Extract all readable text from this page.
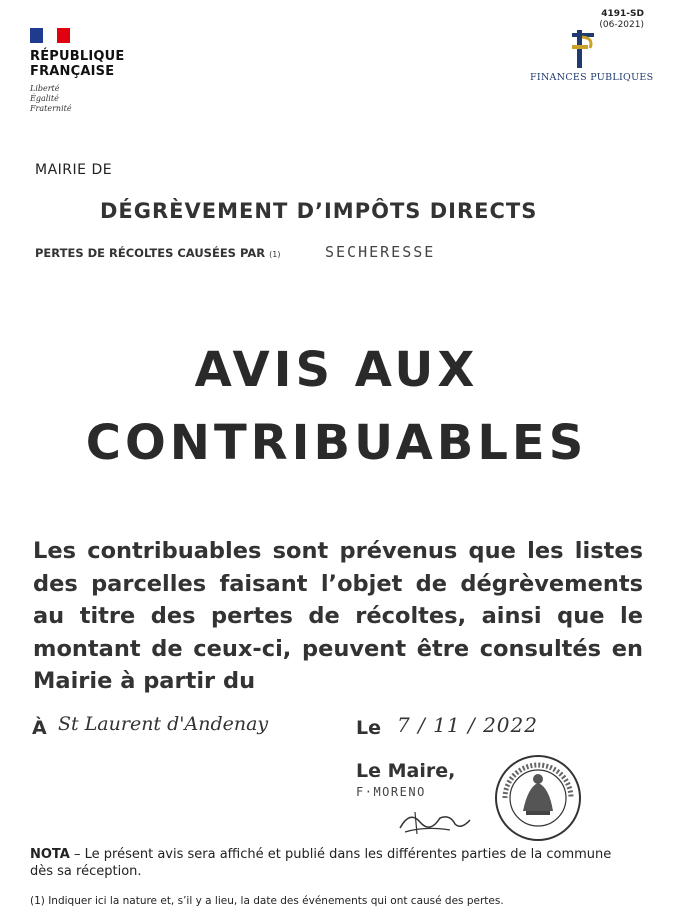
RÉPUBLIQUE
FRANÇAISE
Liberté
Égalité
Fraternité
4191-SD
(06-2021)
FINANCES PUBLIQUES
MAIRIE DE
DÉGRÈVEMENT D’IMPÔTS DIRECTS
PERTES DE RÉCOLTES CAUSÉES PAR (1)	SECHERESSE
AVIS AUX
CONTRIBUABLES

Les contribuables sont prévenus que les listes des parcelles faisant l’objet de dégrèvements au titre des pertes de récoltes, ainsi que le montant de ceux-ci, peuvent être consultés en Mairie à partir du

À St Laurent d'Andenay	Le 7 / 11 / 2022
Le Maire,
F·MORENO
NOTA – Le présent avis sera affiché et publié dans les différentes parties de la commune dès sa réception.
(1) Indiquer ici la nature et, s’il y a lieu, la date des événements qui ont causé des pertes.
